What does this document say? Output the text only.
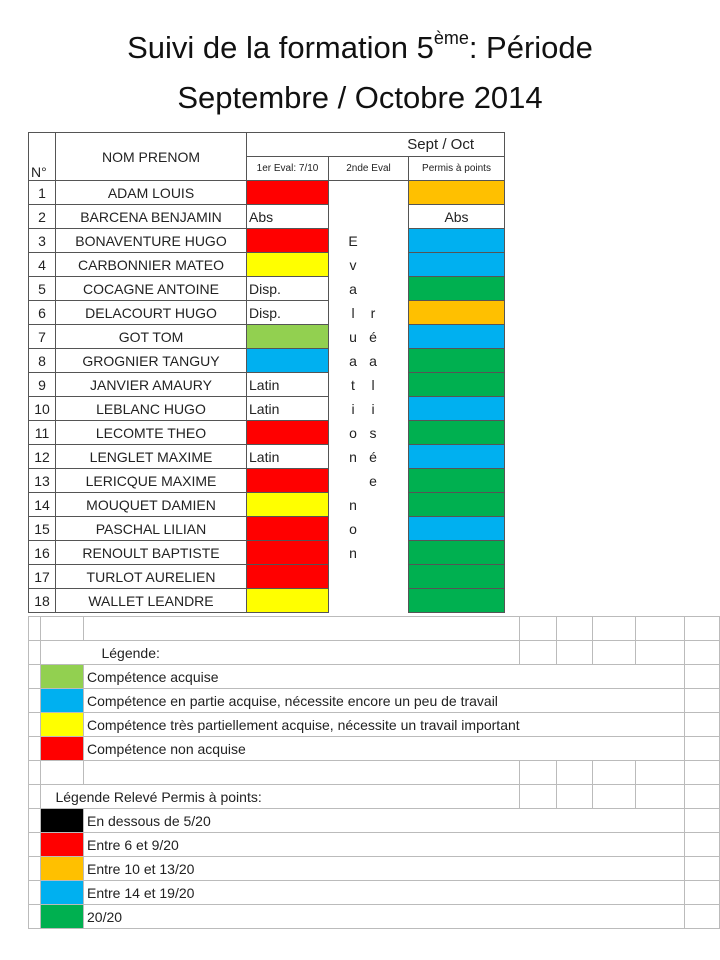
Suivi de la formation 5ème: Période
Septembre / Octobre 2014
N°	NOM PRENOM	Sept / Oct		
		1er Eval: 7/10	2nde Eval	Permis à points
1	ADAM LOUIS			
2	BARCENA BENJAMIN	Abs		Abs
3	BONAVENTURE HUGO		E	
4	CARBONNIER MATEO		v	
5	COCAGNE ANTOINE	Disp.	a	
6	DELACOURT HUGO	Disp.	l r	
7	GOT TOM		u é	
8	GROGNIER TANGUY		a a	
9	JANVIER AMAURY	Latin	t l	
10	LEBLANC HUGO	Latin	i i	
11	LECOMTE THEO		o s	
12	LENGLET MAXIME	Latin	n é	
13	LERICQUE MAXIME		e	
14	MOUQUET DAMIEN		n	
15	PASCHAL LILIAN		o	
16	RENOULT BAPTISTE		n	
17	TURLOT AURELIEN			
18	WALLET LEANDRE			

	Légende:						
		Compétence acquise					
		Compétence en partie acquise, nécessite encore un peu de travail					
		Compétence très partiellement acquise, nécessite un travail important					
		Compétence non acquise					

	Légende Relevé Permis à points:						
		En dessous de 5/20					
		Entre 6 et 9/20					
		Entre 10 et 13/20					
		Entre 14 et 19/20					
		20/20					
